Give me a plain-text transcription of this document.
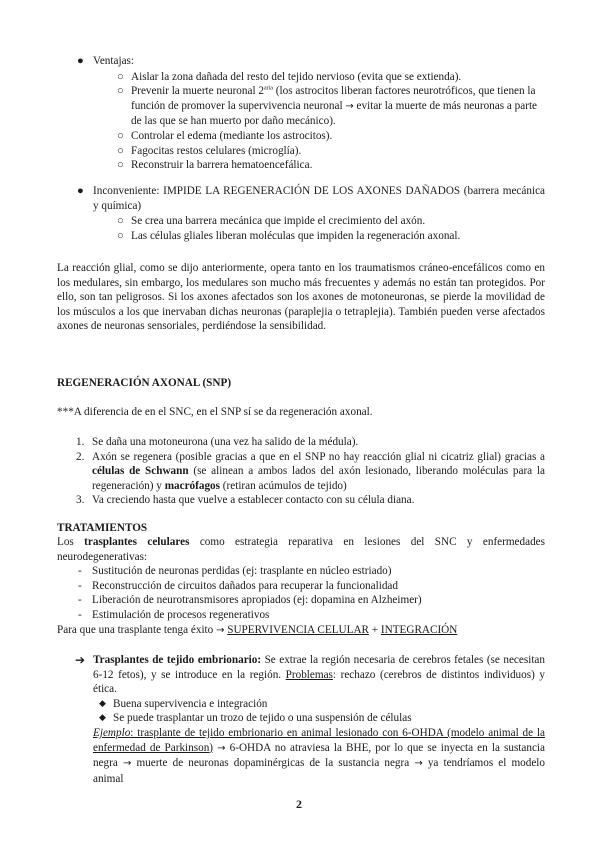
● Ventajas:
○ Aislar la zona dañada del resto del tejido nervioso (evita que se extienda).
○ Prevenir la muerte neuronal $2^{aria}$ (los astrocitos liberan factores neurotróficos, que tienen la función de promover la supervivencia neuronal → evitar la muerte de más neuronas a parte de las que se han muerto por daño mecánico).
○ Controlar el edema (mediante los astrocitos).
○ Fagocitas restos celulares (microglía).
○ Reconstruir la barrera hematoencefálica.
● Inconveniente: IMPIDE LA REGENERACIÓN DE LOS AXONES DAÑADOS (barrera mecánica y química)
○ Se crea una barrera mecánica que impide el crecimiento del axón.
○ Las células gliales liberan moléculas que impiden la regeneración axonal.
La reacción glial, como se dijo anteriormente, opera tanto en los traumatismos cráneo-encefálicos como en los medulares, sin embargo, los medulares son mucho más frecuentes y además no están tan protegidos. Por ello, son tan peligrosos. Si los axones afectados son los axones de motoneuronas, se pierde la movilidad de los músculos a los que inervaban dichas neuronas (paraplejia o tetraplejia). También pueden verse afectados axones de neuronas sensoriales, perdiéndose la sensibilidad.
REGENERACIÓN AXONAL (SNP)
***A diferencia de en el SNC, en el SNP sí se da regeneración axonal.
1. Se daña una motoneurona (una vez ha salido de la médula).
2. Axón se regenera (posible gracias a que en el SNP no hay reacción glial ni cicatriz glial) gracias a células de Schwann (se alinean a ambos lados del axón lesionado, liberando moléculas para la regeneración) y macrófagos (retiran acúmulos de tejido)
3. Va creciendo hasta que vuelve a establecer contacto con su célula diana.
TRATAMIENTOS
Los trasplantes celulares como estrategia reparativa en lesiones del SNC y enfermedades neurodegenerativas:
- Sustitución de neuronas perdidas (ej: trasplante en núcleo estriado)
- Reconstrucción de circuitos dañados para recuperar la funcionalidad
- Liberación de neurotransmisores apropiados (ej: dopamina en Alzheimer)
- Estimulación de procesos regenerativos
Para que una trasplante tenga éxito → SUPERVIVENCIA CELULAR + INTEGRACIÓN
➔ Trasplantes de tejido embrionario: Se extrae la región necesaria de cerebros fetales (se necesitan 6-12 fetos), y se introduce en la región. Problemas: rechazo (cerebros de distintos individuos) y ética.
◆ Buena supervivencia e integración
◆ Se puede trasplantar un trozo de tejido o una suspensión de células
Ejemplo: trasplante de tejido embrionario en animal lesionado con 6-OHDA (modelo animal de la enfermedad de Parkinson) → 6-OHDA no atraviesa la BHE, por lo que se inyecta en la sustancia negra → muerte de neuronas dopaminérgicas de la sustancia negra → ya tendríamos el modelo animal
2
